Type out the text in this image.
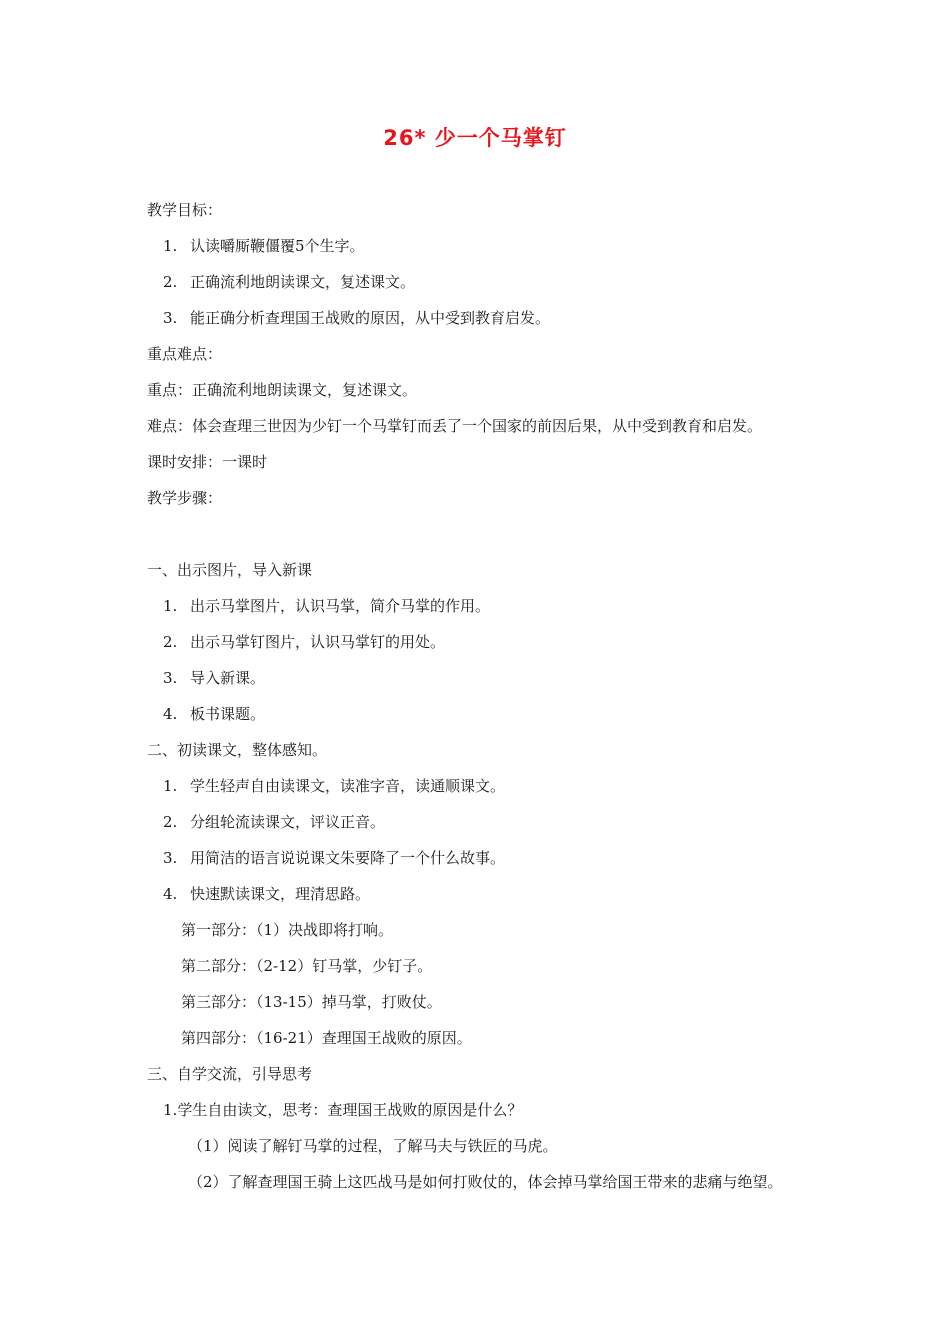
26* 少一个马掌钉

教学目标：

1. 认读嚼厮鞭僵覆5个生字。

2. 正确流利地朗读课文，复述课文。

3. 能正确分析查理国王战败的原因，从中受到教育启发。

重点难点：

重点：正确流利地朗读课文，复述课文。

难点：体会查理三世因为少钉一个马掌钉而丢了一个国家的前因后果，从中受到教育和启发。

课时安排：一课时

教学步骤：

一、出示图片，导入新课

1. 出示马掌图片，认识马掌，简介马掌的作用。

2. 出示马掌钉图片，认识马掌钉的用处。

3. 导入新课。

4. 板书课题。

二、初读课文，整体感知。

1. 学生轻声自由读课文，读准字音，读通顺课文。

2. 分组轮流读课文，评议正音。

3. 用简洁的语言说说课文朱要降了一个什么故事。

4. 快速默读课文，理清思路。

第一部分：（1）决战即将打响。

第二部分：（2-12）钉马掌，少钉子。

第三部分：（13-15）掉马掌，打败仗。

第四部分：（16-21）查理国王战败的原因。

三、自学交流，引导思考

1.学生自由读文，思考：查理国王战败的原因是什么？

（1）阅读了解钉马掌的过程，了解马夫与铁匠的马虎。

（2）了解查理国王骑上这匹战马是如何打败仗的，体会掉马掌给国王带来的悲痛与绝望。
